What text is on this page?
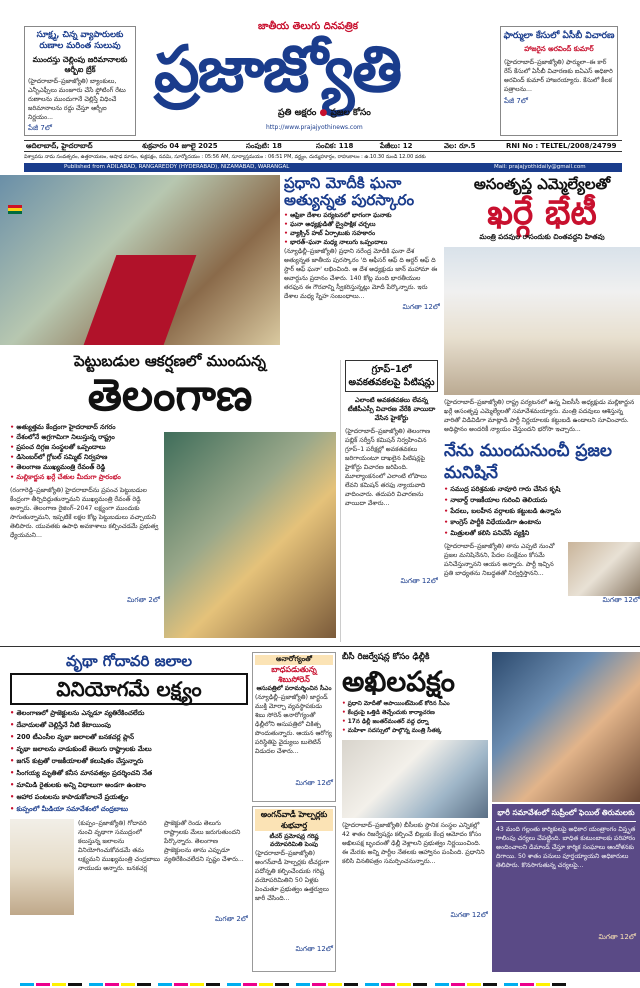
సూక్ష్మ, చిన్న వ్యాపారులకు రుణాల మరింత సులువు
ముందస్తు చెల్లింపు జరిమానాలకు ఆర్బీఐ బ్రేక్
(హైదరాబాద్‌–ప్రజాజ్యోతి) బ్యాంకులు, ఎన్బీఎఫ్సీలు మంజూరు చేసే ఫ్లోటింగ్ రేటు రుణాలను ముందుగానే చెల్లిస్తే విధించే జరిమానాలను రద్దు చేస్తూ ఆర్బీఐ నిర్ణయం...
పేజీ 7లో
జాతీయ తెలుగు దినపత్రిక
ప్రజాజ్యోతి
ప్రతి అక్షరం ● ప్రజల కోసం
http://www.prajajyothinews.com
ఫార్ములా కేసులో ఏసీబీ విచారణ
హాజరైన అరవింద్ కుమార్
(హైదరాబాద్‌–ప్రజాజ్యోతి) ఫార్ములా–ఈ కార్ రేస్ కేసులో ఏసీబీ విచారణకు ఐఏఎస్ అధికారి అరవింద్ కుమార్ హాజరయ్యారు. కేసులో కీలక పత్రాలను...
పేజీ 7లో
ఆదిలాబాద్, హైదరాబాద్	శుక్రవారం 04 జూలై 2025	సంపుటి: 18	సంచిక: 118	పేజీలు: 12	వెల: రూ.5	RNI No : TELTEL/2008/24799
విశ్వావసు నామ సంవత్సరం, ఉత్తరాయణం, ఆషాఢ మాసం, శుక్లపక్షం, నవమి, సూర్యోదయం : 05:56 AM, సూర్యాస్తమయం : 06:51 PM, వర్జ్యం, దుర్ముహూర్తం, రాహుకాలం : ఉ.10.30 నుండి 12.00 వరకు
Published from ADILABAD, RANGAREDDY (HYDERABAD), NIZAMABAD, WARANGAL	Mail: prajajyothidaily@gmail.com
ప్రధాని మోదీకి ఘనా అత్యున్నత పురస్కారం
• ఆఫ్రికా దేశాల పర్యటనలో భాగంగా ఘనాకు
• ఘనా అధ్యక్షుడితో ద్వైపాక్షిక చర్చలు
• వ్యాక్సిన్ హబ్ ఏర్పాటుకు సహకారం
• భారత్–ఘనా మధ్య నాలుగు ఒప్పందాలు
(న్యూఢిల్లీ–ప్రజాజ్యోతి) ప్రధాని నరేంద్ర మోదీకి ఘనా దేశ అత్యున్నత జాతీయ పురస్కారం 'ది ఆఫీసర్ ఆఫ్ ది ఆర్డర్ ఆఫ్ ది స్టార్ ఆఫ్ ఘనా' లభించింది. ఆ దేశ అధ్యక్షుడు జాన్ మహామా ఈ అవార్డును ప్రదానం చేశారు. 140 కోట్ల మంది భారతీయుల తరఫున ఈ గౌరవాన్ని స్వీకరిస్తున్నట్లు మోదీ పేర్కొన్నారు. ఇరు దేశాల మధ్య స్నేహ సంబంధాలు...
మిగతా 12లో
అసంతృప్త ఎమ్మెల్యేలతో
ఖర్గే భేటీ
మంత్రి పదవుల రాసందుకు చింతవద్దని హితవు
(హైదరాబాద్–ప్రజాజ్యోతి) రాష్ట్ర పర్యటనలో ఉన్న ఏఐసీసీ అధ్యక్షుడు మల్లికార్జున ఖర్గే అసంతృప్త ఎమ్మెల్యేలతో సమావేశమయ్యారు. మంత్రి పదవులు ఆశిస్తున్న వారితో విడివిడిగా మాట్లాడి పార్టీ నిర్ణయాలకు కట్టుబడి ఉండాలని సూచించారు. అధిష్ఠానం అందరికీ న్యాయం చేస్తుందని భరోసా ఇచ్చారు...
పెట్టుబడుల ఆకర్షణలో ముందున్న
తెలంగాణ
• అత్యుత్తమ కేంద్రంగా హైదరాబాద్ నగరం
• దేశంలోనే అగ్రగామిగా నిలుస్తున్న రాష్ట్రం
• ప్రపంచ దిగ్గజ సంస్థలతో ఒప్పందాలు
• డిసెంబర్‌లో గ్లోబల్ సమ్మిట్ నిర్వహణ
• తెలంగాణ ముఖ్యమంత్రి రేవంత్ రెడ్డి
• మల్లికార్జున ఖర్గే చేతుల మీదుగా ప్రారంభం
(రంగారెడ్డి–ప్రజాజ్యోతి) హైదరాబాద్‌ను ప్రపంచ పెట్టుబడుల కేంద్రంగా తీర్చిదిద్దుతున్నామని ముఖ్యమంత్రి రేవంత్ రెడ్డి అన్నారు. తెలంగాణ రైజింగ్–2047 లక్ష్యంగా ముందుకు సాగుతున్నామని, ఇప్పటికే లక్షల కోట్ల పెట్టుబడులు వచ్చాయని తెలిపారు. యువతకు ఉపాధి అవకాశాలు కల్పించడమే ప్రభుత్వ ధ్యేయమని...
మిగతా 2లో
గ్రూప్–1లో అవకతవకలపై పిటిషన్లు
ఎలాంటి అవకతవకలు లేవన్న టీజీపీఎస్సీ విచారణ వేరేకి వాయిదా వేసిన హైకోర్టు
(హైదరాబాద్–ప్రజాజ్యోతి) తెలంగాణ పబ్లిక్ సర్వీస్ కమిషన్ నిర్వహించిన గ్రూప్–1 పరీక్షల్లో అవకతవకలు జరిగాయంటూ దాఖలైన పిటిషన్లపై హైకోర్టు విచారణ జరిపింది. మూల్యాంకనంలో ఎలాంటి లోపాలు లేవని కమిషన్ తరఫు న్యాయవాది వాదించారు. తదుపరి విచారణను వాయిదా వేశారు...
మిగతా 12లో
నేను ముందునుంచీ ప్రజల మనిషినే
• సముద్ర పరిశ్రమకు నావూరి గారు చేసిన కృషి
• నాబార్డ్ రాజకీయాల గురించి తెలియదు
• పేదలు, బలహీన వర్గాలకు కట్టుబడి ఉన్నాను
• కాంగ్రెస్ పార్టీకి విధేయుడిగా ఉంటాను
• మిత్రులతో కలిసి పనిచేసే వ్యక్తిని
(హైదరాబాద్–ప్రజాజ్యోతి) తాను ఎప్పటి నుంచో ప్రజల మనిషినేనని, పేదల సంక్షేమం కోసమే పనిచేస్తున్నానని ఆయన అన్నారు. పార్టీ ఇచ్చిన ప్రతి బాధ్యతను నిబద్ధతతో నిర్వర్తిస్తానని...
మిగతా 12లో
వృథా గోదావరి జలాల
వినియోగమే లక్ష్యం
• తెలంగాణలో ప్రాజెక్టులను ఎన్నడూ వ్యతిరేకించలేదు
• దేవాదులతో చెల్లిస్తేనే నీటి కేటాయింపు
• 200 టీఎంసీల వృథా జలాలతో బనకచర్ల ప్లాన్
• వృథా జలాలను వాడుకుంటే తెలుగు రాష్ట్రాలకు మేలు
• జగన్ కుట్రతో రాజకీయాలతో కలుషితం చేస్తున్నారు
• సింగయ్య మృతితో కనీస మానవత్వం ప్రదర్శించని నేత
• మామిడి రైతులకు అన్ని విధాలుగా అండగా ఉంటాం
• ఆహార పంటలను కాపాడుకోవాలనే ప్రయత్నం
• కుప్పంలో మీడియా సమావేశంలో చంద్రబాబు
(కుప్పం–ప్రజాజ్యోతి) గోదావరి నుంచి వృథాగా సముద్రంలో కలుస్తున్న జలాలను వినియోగించుకోవడమే తమ లక్ష్యమని ముఖ్యమంత్రి చంద్రబాబు నాయుడు అన్నారు. బనకచర్ల ప్రాజెక్టుతో రెండు తెలుగు రాష్ట్రాలకు మేలు జరుగుతుందని పేర్కొన్నారు. తెలంగాణ ప్రాజెక్టులను తాను ఎప్పుడూ వ్యతిరేకించలేదని స్పష్టం చేశారు...
మిగతా 2లో
అనారోగ్యంతో
బాధపడుతున్న శిబుసోరెన్
ఆసుపత్రిలో పరామర్శించిన సీఎం
(న్యూఢిల్లీ–ప్రజాజ్యోతి) జార్ఖండ్ ముక్తి మోర్చా వ్యవస్థాపకుడు శిబు సోరెన్ అనారోగ్యంతో ఢిల్లీలోని ఆసుపత్రిలో చికిత్స పొందుతున్నారు. ఆయన ఆరోగ్య పరిస్థితిపై వైద్యులు బులెటిన్ విడుదల చేశారు...
మిగతా 12లో
అంగన్‌వాడీ హెల్పర్లకు శుభవార్త
టీచర్ ప్రమోషన్ల గరిష్ట వయోపరిమితి పెంపు
(హైదరాబాద్–ప్రజాజ్యోతి) అంగన్‌వాడీ హెల్పర్లకు టీచర్లుగా పదోన్నతి కల్పించేందుకు గరిష్ట వయోపరిమితిని 50 ఏళ్లకు పెంచుతూ ప్రభుత్వం ఉత్తర్వులు జారీ చేసింది...
మిగతా 12లో
బీసీ రిజర్వేషన్ల కోసం ఢిల్లీకి
అఖిలపక్షం
• ప్రధాని మోదీతో అపాయింట్‌మెంట్ కోరిన సీఎం
• కేంద్రంపై ఒత్తిడి తెచ్చేందుకు కార్యాచరణ
• 17న ఢిల్లీ జంతర్‌మంతర్ వద్ద ధర్నా
• మహిళా సదస్సులో పాల్గొన్న మంత్రి సీతక్క
(హైదరాబాద్–ప్రజాజ్యోతి) బీసీలకు స్థానిక సంస్థల ఎన్నికల్లో 42 శాతం రిజర్వేషన్లు కల్పించే బిల్లుకు కేంద్ర ఆమోదం కోసం అఖిలపక్ష బృందంతో ఢిల్లీ వెళ్లాలని ప్రభుత్వం నిర్ణయించింది. ఈ మేరకు అన్ని పార్టీల నేతలకు ఆహ్వానం పంపింది. ప్రధానిని కలిసి వినతిపత్రం సమర్పించనున్నారు...
మిగతా 12లో
భారీ సమావేశంలో సుప్రీంలో ఫెయిల్ తిరుమలకు
43 మంది గల్లంతు కార్మికులపై అధికార యంత్రాంగం విస్తృత గాలింపు చర్యలు చేపట్టింది. బాధిత కుటుంబాలకు పరిహారం అందించాలని డిమాండ్ చేస్తూ కార్మిక సంఘాలు ఆందోళనకు దిగాయి. 50 శాతం పనులు పూర్తయ్యాయని అధికారులు తెలిపారు. కొనసాగుతున్న చర్యలపై...
మిగతా 12లో
